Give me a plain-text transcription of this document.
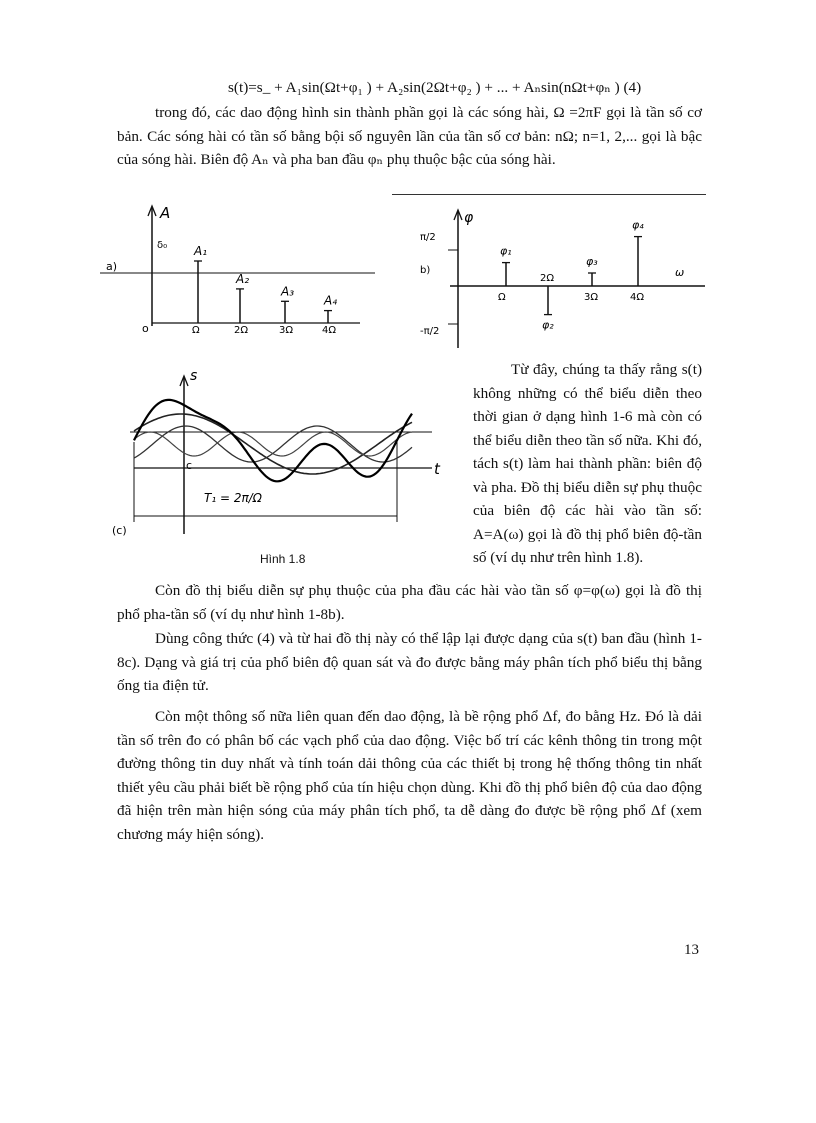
s(t)=s_ + A₁sin(Ωt+φ₁ ) + A₂sin(2Ωt+φ₂ ) + ... + Aₙsin(nΩt+φₙ ) (4)

trong đó, các dao động hình sin thành phần gọi là các sóng hài, Ω =2πF gọi là tần số cơ bản. Các sóng hài có tần số bằng bội số nguyên lần của tần số cơ bản: nΩ; n=1, 2,... gọi là bậc của sóng hài. Biên độ Aₙ và pha ban đầu φₙ phụ thuộc bậc của sóng hài.

A
a)
o
δ₀ A₁
Ω
A₂
2Ω
A₃
3Ω
A₄
4Ω
φ
π/2
-π/2
b)	ω
φ₁
Ω
φ₂
2Ω
φ₃
3Ω
φ₄
4Ω
s
t
c
T₁ = 2π/Ω
(c)
Hình 1.8

Từ đây, chúng ta thấy rằng s(t) không những có thể biểu diễn theo thời gian ở dạng hình 1-6 mà còn có thể biểu diễn theo tần số nữa. Khi đó, tách s(t) làm hai thành phần: biên độ và pha. Đồ thị biểu diễn sự phụ thuộc của biên độ các hài vào tần số: A=A(ω) gọi là đồ thị phổ biên độ-tần số (ví dụ như trên hình 1.8).

Còn đồ thị biểu diễn sự phụ thuộc của pha đầu các hài vào tần số φ=φ(ω) gọi là đồ thị phổ pha-tần số (ví dụ như hình 1-8b).

Dùng công thức (4) và từ hai đồ thị này có thể lập lại được dạng của s(t) ban đầu (hình 1-8c). Dạng và giá trị của phổ biên độ quan sát và đo được bằng máy phân tích phổ biểu thị bằng ống tia điện tử.

Còn một thông số nữa liên quan đến dao động, là bề rộng phổ Δf, đo bằng Hz. Đó là dải tần số trên đo có phân bố các vạch phổ của dao động. Việc bố trí các kênh thông tin trong một đường thông tin duy nhất và tính toán dải thông của các thiết bị trong hệ thống thông tin nhất thiết yêu cầu phải biết bề rộng phổ của tín hiệu chọn dùng. Khi đồ thị phổ biên độ của dao động đã hiện trên màn hiện sóng của máy phân tích phổ, ta dễ dàng đo được bề rộng phổ Δf (xem chương máy hiện sóng).

13
